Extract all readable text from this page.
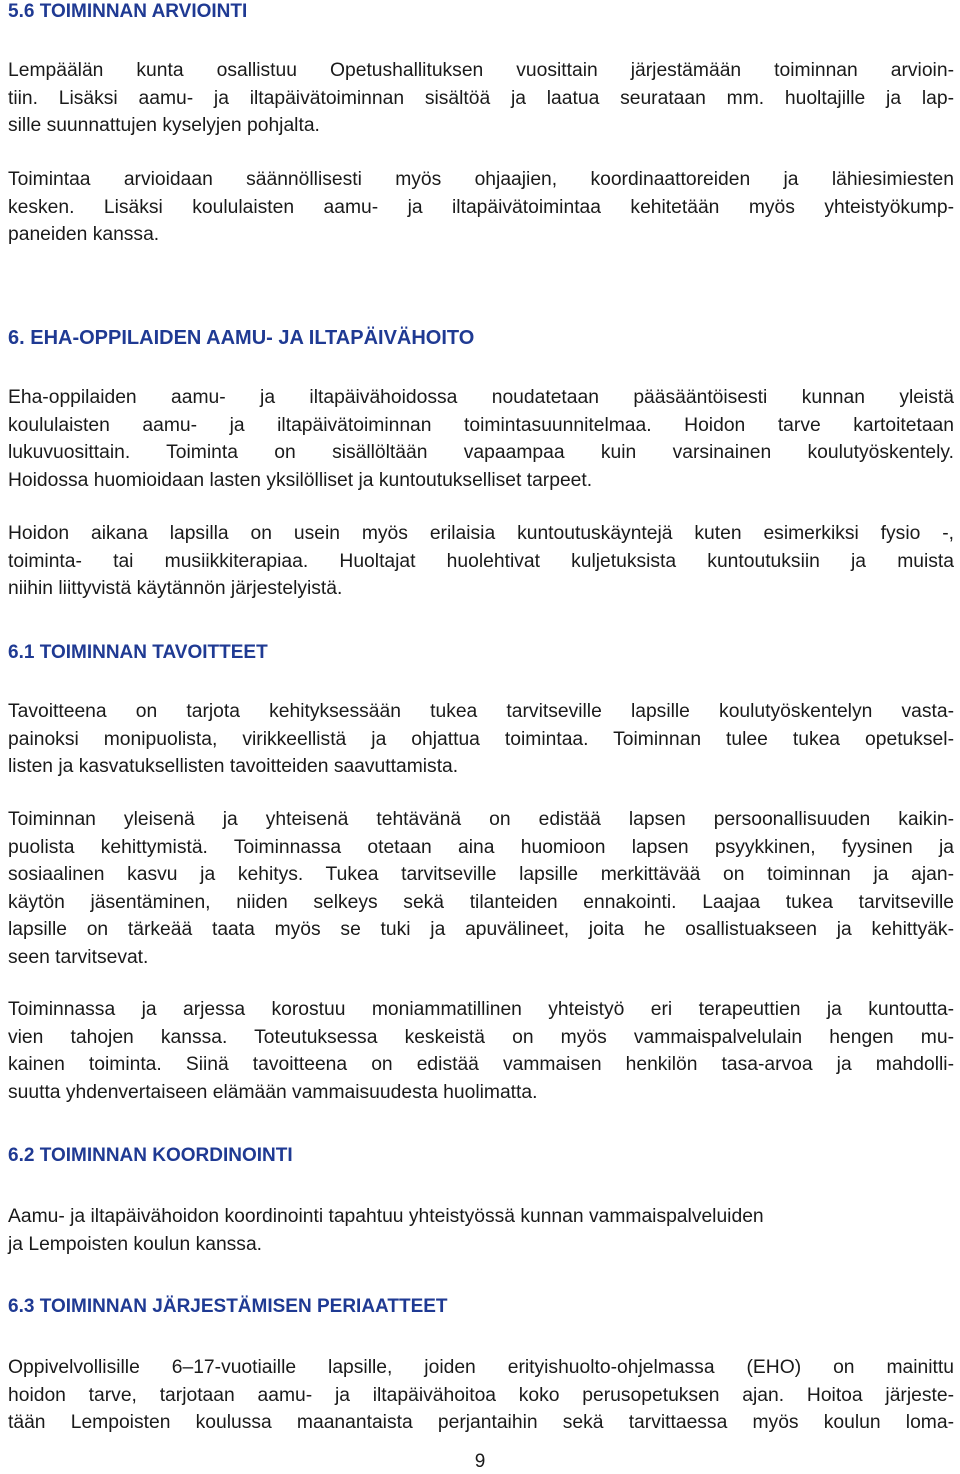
5.6 TOIMINNAN ARVIOINTI
Lempäälän kunta osallistuu Opetushallituksen vuosittain järjestämään toiminnan arvioin-
tiin. Lisäksi aamu- ja iltapäivätoiminnan sisältöä ja laatua seurataan mm. huoltajille ja lap-
sille suunnattujen kyselyjen pohjalta.
Toimintaa arvioidaan säännöllisesti myös ohjaajien, koordinaattoreiden ja lähiesimiesten
kesken. Lisäksi koululaisten aamu- ja iltapäivätoimintaa kehitetään myös yhteistyökump-
paneiden kanssa.
6. EHA-OPPILAIDEN AAMU- JA ILTAPÄIVÄHOITO
Eha-oppilaiden aamu- ja iltapäivähoidossa noudatetaan pääsääntöisesti kunnan yleistä
koululaisten aamu- ja iltapäivätoiminnan toimintasuunnitelmaa. Hoidon tarve kartoitetaan
lukuvuosittain. Toiminta on sisällöltään vapaampaa kuin varsinainen koulutyöskentely.
Hoidossa huomioidaan lasten yksilölliset ja kuntoutukselliset tarpeet.
Hoidon aikana lapsilla on usein myös erilaisia kuntoutuskäyntejä kuten esimerkiksi fysio -,
toiminta- tai musiikkiterapiaa. Huoltajat huolehtivat kuljetuksista kuntoutuksiin ja muista
niihin liittyvistä käytännön järjestelyistä.
6.1 TOIMINNAN TAVOITTEET
Tavoitteena on tarjota kehityksessään tukea tarvitseville lapsille koulutyöskentelyn vasta-
painoksi monipuolista, virikkeellistä ja ohjattua toimintaa. Toiminnan tulee tukea opetuksel-
listen ja kasvatuksellisten tavoitteiden saavuttamista.
Toiminnan yleisenä ja yhteisenä tehtävänä on edistää lapsen persoonallisuuden kaikin-
puolista kehittymistä. Toiminnassa otetaan aina huomioon lapsen psyykkinen, fyysinen ja
sosiaalinen kasvu ja kehitys. Tukea tarvitseville lapsille merkittävää on toiminnan ja ajan-
käytön jäsentäminen, niiden selkeys sekä tilanteiden ennakointi. Laajaa tukea tarvitseville
lapsille on tärkeää taata myös se tuki ja apuvälineet, joita he osallistuakseen ja kehittyäk-
seen tarvitsevat.
Toiminnassa ja arjessa korostuu moniammatillinen yhteistyö eri terapeuttien ja kuntoutta-
vien tahojen kanssa. Toteutuksessa keskeistä on myös vammaispalvelulain hengen mu-
kainen toiminta. Siinä tavoitteena on edistää vammaisen henkilön tasa-arvoa ja mahdolli-
suutta yhdenvertaiseen elämään vammaisuudesta huolimatta.
6.2 TOIMINNAN KOORDINOINTI
Aamu- ja iltapäivähoidon koordinointi tapahtuu yhteistyössä kunnan vammaispalveluiden
ja Lempoisten koulun kanssa.
6.3 TOIMINNAN JÄRJESTÄMISEN PERIAATTEET
Oppivelvollisille 6–17-vuotiaille lapsille, joiden erityishuolto-ohjelmassa (EHO) on mainittu
hoidon tarve, tarjotaan aamu- ja iltapäivähoitoa koko perusopetuksen ajan. Hoitoa järjeste-
tään Lempoisten koulussa maanantaista perjantaihin sekä tarvittaessa myös koulun loma-
9
